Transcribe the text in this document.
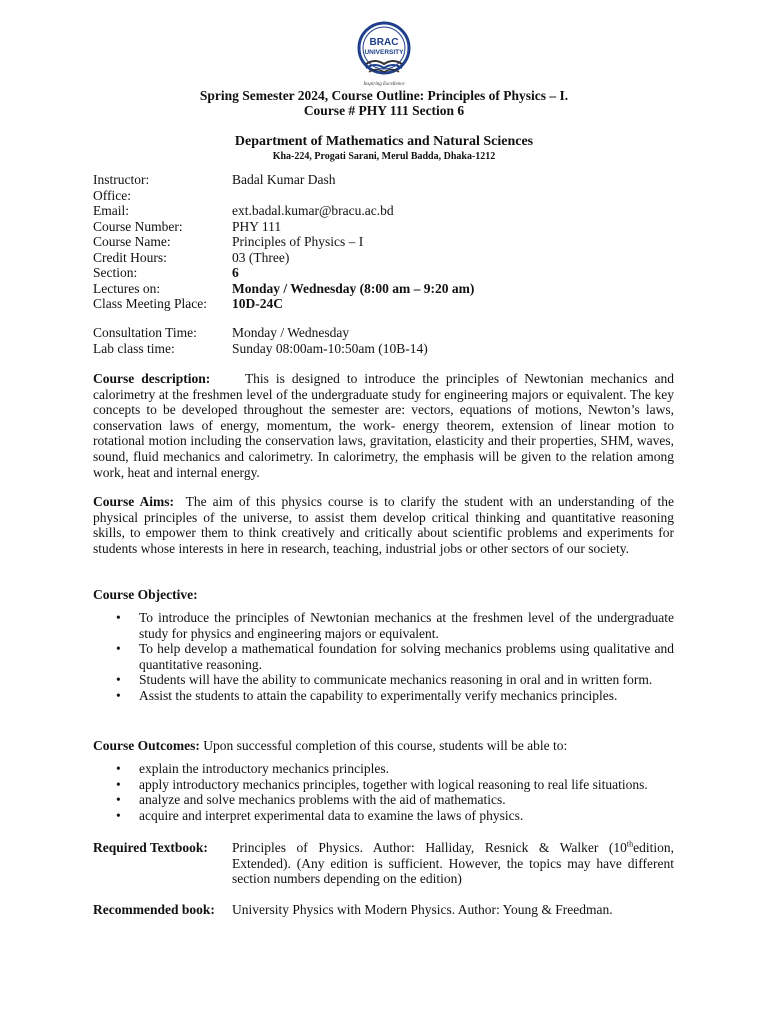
BRAC
UNIVERSITY
Inspiring Excellence
Spring Semester 2024, Course Outline: Principles of Physics – I.
Course # PHY 111 Section 6
Department of Mathematics and Natural Sciences
Kha-224, Progati Sarani, Merul Badda, Dhaka-1212
Instructor:	Badal Kumar Dash
Office:
Email:	ext.badal.kumar@bracu.ac.bd
Course Number:	PHY 111
Course Name:	Principles of Physics – I
Credit Hours:	03 (Three)
Section:	6
Lectures on:	Monday / Wednesday (8:00 am – 9:20 am)
Class Meeting Place:	10D-24C
Consultation Time:	Monday / Wednesday
Lab class time:	Sunday 08:00am-10:50am (10B-14)
Course description:	This is designed to introduce the principles of Newtonian mechanics and calorimetry at the freshmen level of the undergraduate study for engineering majors or equivalent. The key concepts to be developed throughout the semester are: vectors, equations of motions, Newton’s laws, conservation laws of energy, momentum, the work- energy theorem, extension of linear motion to rotational motion including the conservation laws, gravitation, elasticity and their properties, SHM, waves, sound, fluid mechanics and calorimetry. In calorimetry, the emphasis will be given to the relation among work, heat and internal energy.
Course Aims: The aim of this physics course is to clarify the student with an understanding of the physical principles of the universe, to assist them develop critical thinking and quantitative reasoning skills, to empower them to think creatively and critically about scientific problems and experiments for students whose interests in here in research, teaching, industrial jobs or other sectors of our society.
Course Objective:
• To introduce the principles of Newtonian mechanics at the freshmen level of the undergraduate study for physics and engineering majors or equivalent.
• To help develop a mathematical foundation for solving mechanics problems using qualitative and quantitative reasoning.
• Students will have the ability to communicate mechanics reasoning in oral and in written form.
• Assist the students to attain the capability to experimentally verify mechanics principles.
Course Outcomes: Upon successful completion of this course, students will be able to:
• explain the introductory mechanics principles.
• apply introductory mechanics principles, together with logical reasoning to real life situations.
• analyze and solve mechanics problems with the aid of mathematics.
• acquire and interpret experimental data to examine the laws of physics.
Required Textbook:	Principles of Physics. Author: Halliday, Resnick & Walker (10thedition, Extended). (Any edition is sufficient. However, the topics may have different section numbers depending on the edition)
Recommended book:	University Physics with Modern Physics. Author: Young & Freedman.
